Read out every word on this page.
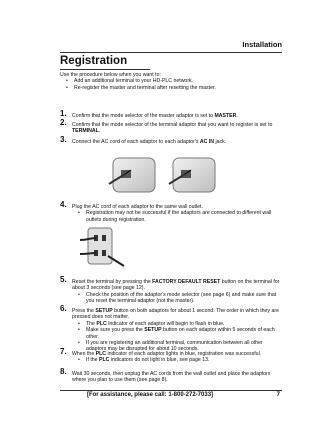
Installation
Registration
Use the procedure below when you want to:
• Add an additional terminal to your HD-PLC network.
• Re-register the master and terminal after resetting the master.
1. Confirm that the mode selector of the master adaptor is set to MASTER.
2. Confirm that the mode selector of the terminal adaptor that you want to register is set to TERMINAL.
3. Connect the AC cord of each adaptor to each adaptor's AC IN jack.
4. Plug the AC cord of each adaptor to the same wall outlet.
• Registration may not be successful if the adaptors are connected to different wall outlets during registration.
5. Reset the terminal by pressing the FACTORY DEFAULT RESET button on the terminal for about 3 seconds (see page 12).
• Check the position of the adaptor's mode selector (see page 6) and make sure that you reset the terminal adaptor (not the master).
6. Press the SETUP button on both adaptors for about 1 second. The order in which they are pressed does not matter.
• The PLC indicator of each adaptor will begin to flash in blue.
• Make sure you press the SETUP button on each adaptor within 5 seconds of each other.
• If you are registering an additional terminal, communication between all other adaptors may be disrupted for about 10 seconds.
7. When the PLC indicator of each adaptor lights in blue, registration was successful.
• If the PLC indicators do not light in blue, see page 13.
8. Wait 30 seconds, then unplug the AC cords from the wall outlet and place the adaptors where you plan to use them (see page 8).
[For assistance, please call: 1-800-272-7033]	7
